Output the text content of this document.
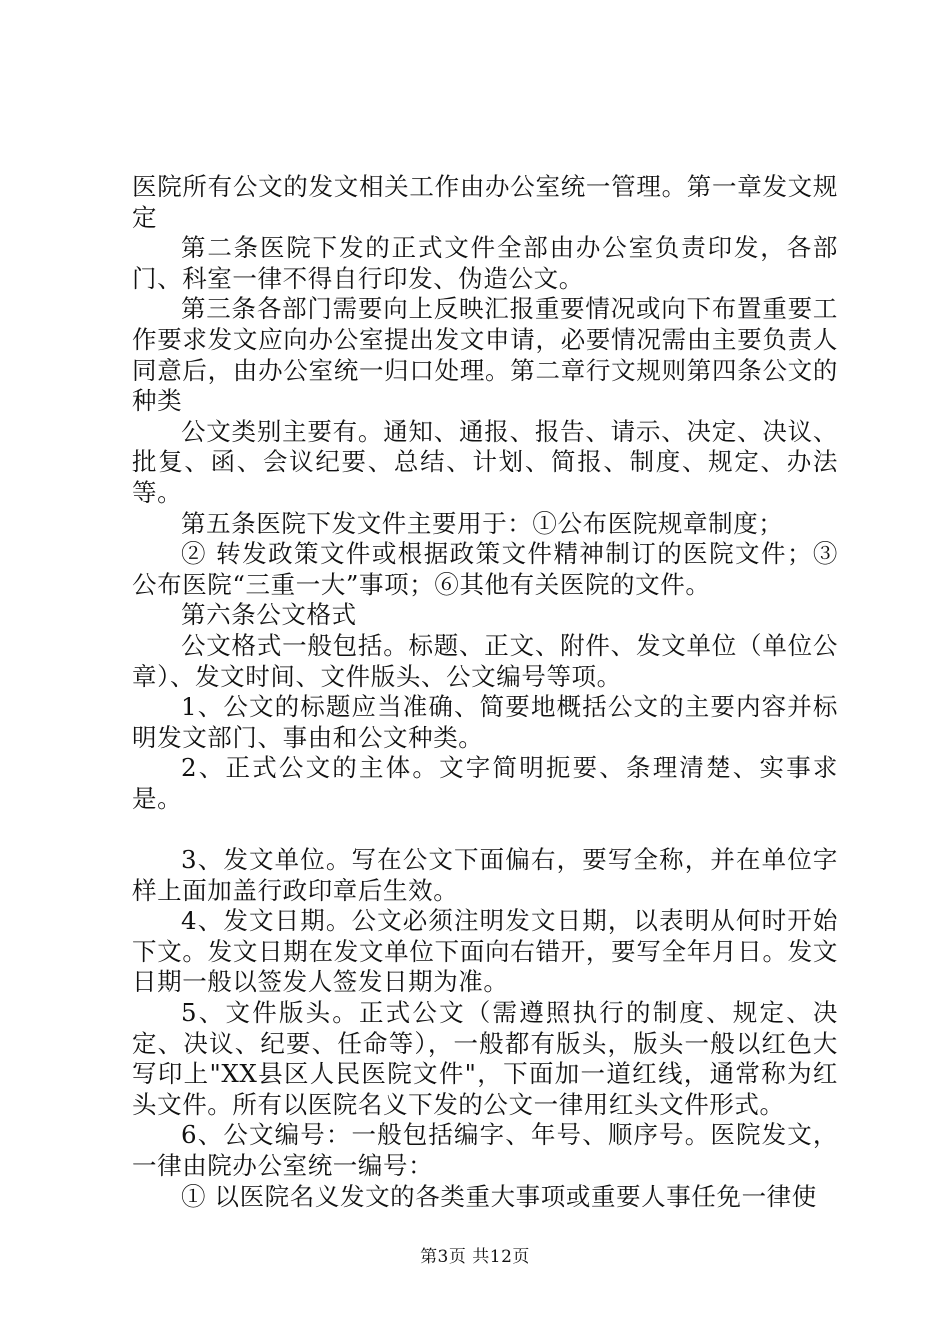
医院所有公文的发文相关工作由办公室统一管理。第一章发文规定

第二条医院下发的正式文件全部由办公室负责印发，各部门、科室一律不得自行印发、伪造公文。

第三条各部门需要向上反映汇报重要情况或向下布置重要工作要求发文应向办公室提出发文申请，必要情况需由主要负责人同意后，由办公室统一归口处理。第二章行文规则第四条公文的种类

公文类别主要有。通知、通报、报告、请示、决定、决议、批复、函、会议纪要、总结、计划、简报、制度、规定、办法等。

第五条医院下发文件主要用于：①公布医院规章制度；

② 转发政策文件或根据政策文件精神制订的医院文件；③公布医院“三重一大”事项；⑥其他有关医院的文件。

第六条公文格式

公文格式一般包括。标题、正文、附件、发文单位（单位公章）、发文时间、文件版头、公文编号等项。

1、公文的标题应当准确、简要地概括公文的主要内容并标明发文部门、事由和公文种类。

2、正式公文的主体。文字简明扼要、条理清楚、实事求是。

3、发文单位。写在公文下面偏右，要写全称，并在单位字样上面加盖行政印章后生效。

4、发文日期。公文必须注明发文日期，以表明从何时开始下文。发文日期在发文单位下面向右错开，要写全年月日。发文日期一般以签发人签发日期为准。

5、文件版头。正式公文（需遵照执行的制度、规定、决定、决议、纪要、任命等），一般都有版头，版头一般以红色大写印上"XX县区人民医院文件"，下面加一道红线，通常称为红头文件。所有以医院名义下发的公文一律用红头文件形式。

6、公文编号：一般包括编字、年号、顺序号。医院发文，一律由院办公室统一编号：

① 以医院名义发文的各类重大事项或重要人事任免一律使

第3页 共12页
